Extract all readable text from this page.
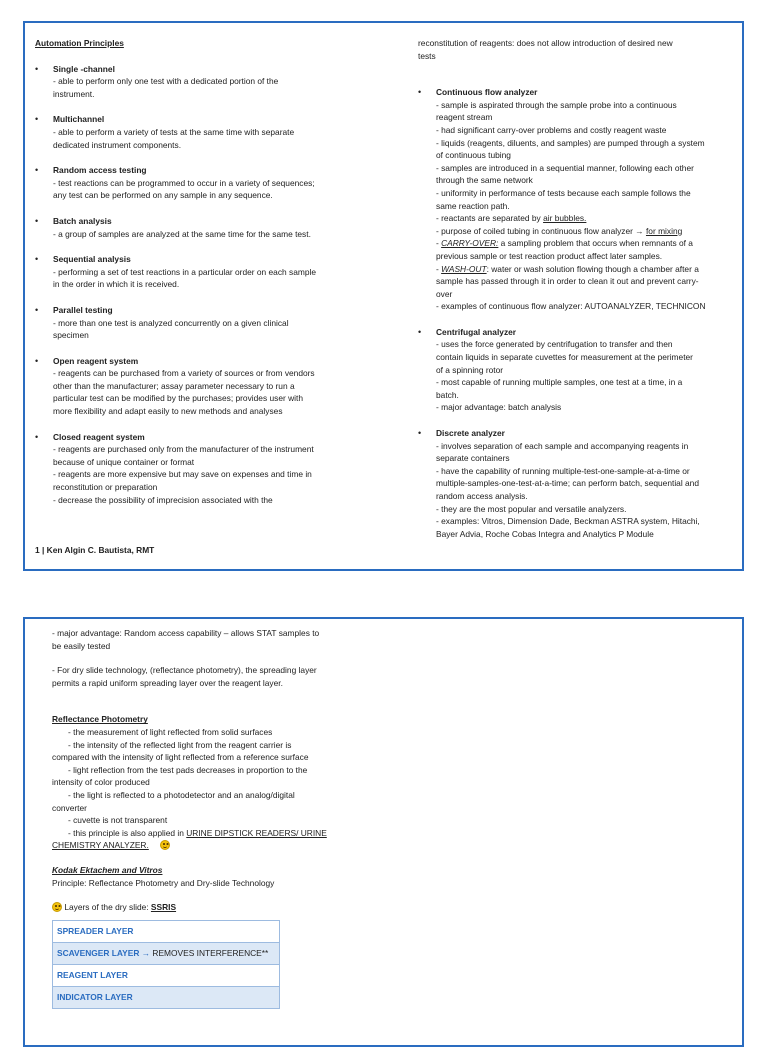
Automation Principles
•	Single -channel
- able to perform only one test with a dedicated portion of the
instrument.
•	Multichannel
- able to perform a variety of tests at the same time with separate
dedicated instrument components.
•	Random access testing
- test reactions can be programmed to occur in a variety of sequences;
any test can be performed on any sample in any sequence.
•	Batch analysis
- a group of samples are analyzed at the same time for the same test.
•	Sequential analysis
- performing a set of test reactions in a particular order on each sample
in the order in which it is received.
•	Parallel testing
- more than one test is analyzed concurrently on a given clinical
specimen
•	Open reagent system
- reagents can be purchased from a variety of sources or from vendors
other than the manufacturer; assay parameter necessary to run a
particular test can be modified by the purchases; provides user with
more flexibility and adapt easily to new methods and analyses
•	Closed reagent system
- reagents are purchased only from the manufacturer of the instrument
because of unique container or format
- reagents are more expensive but may save on expenses and time in
reconstitution or preparation
- decrease the possibility of imprecision associated with the
reconstitution of reagents: does not allow introduction of desired new
tests
•	Continuous flow analyzer
- sample is aspirated through the sample probe into a continuous
reagent stream
- had significant carry-over problems and costly reagent waste
- liquids (reagents, diluents, and samples) are pumped through a system
of continuous tubing
- samples are introduced in a sequential manner, following each other
through the same network
- uniformity in performance of tests because each sample follows the
same reaction path.
- reactants are separated by air bubbles.
- purpose of coiled tubing in continuous flow analyzer → for mixing
- CARRY-OVER: a sampling problem that occurs when remnants of a
previous sample or test reaction product affect later samples.
- WASH-OUT: water or wash solution flowing though a chamber after a
sample has passed through it in order to clean it out and prevent carry-
over
- examples of continuous flow analyzer: AUTOANALYZER, TECHNICON
•	Centrifugal analyzer
- uses the force generated by centrifugation to transfer and then
contain liquids in separate cuvettes for measurement at the perimeter
of a spinning rotor
- most capable of running multiple samples, one test at a time, in a
batch.
- major advantage: batch analysis
•	Discrete analyzer
- involves separation of each sample and accompanying reagents in
separate containers
- have the capability of running multiple-test-one-sample-at-a-time or
multiple-samples-one-test-at-a-time; can perform batch, sequential and
random access analysis.
- they are the most popular and versatile analyzers.
- examples: Vitros, Dimension Dade, Beckman ASTRA system, Hitachi,
Bayer Advia, Roche Cobas Integra and Analytics P Module
1 | Ken Algin C. Bautista, RMT
- major advantage: Random access capability – allows STAT samples to
be easily tested
- For dry slide technology, (reflectance photometry), the spreading layer
permits a rapid uniform spreading layer over the reagent layer.
Reflectance Photometry
- the measurement of light reflected from solid surfaces
- the intensity of the reflected light from the reagent carrier is
compared with the intensity of light reflected from a reference surface
- light reflection from the test pads decreases in proportion to the
intensity of color produced
- the light is reflected to a photodetector and an analog/digital
converter
- cuvette is not transparent
- this principle is also applied in URINE DIPSTICK READERS/ URINE
CHEMISTRY ANALYZER.
Kodak Ektachem and Vitros
Principle: Reflectance Photometry and Dry-slide Technology
Layers of the dry slide: SSRIS
SPREADER LAYER
SCAVENGER LAYER → REMOVES INTERFERENCE**
REAGENT LAYER
INDICATOR LAYER
